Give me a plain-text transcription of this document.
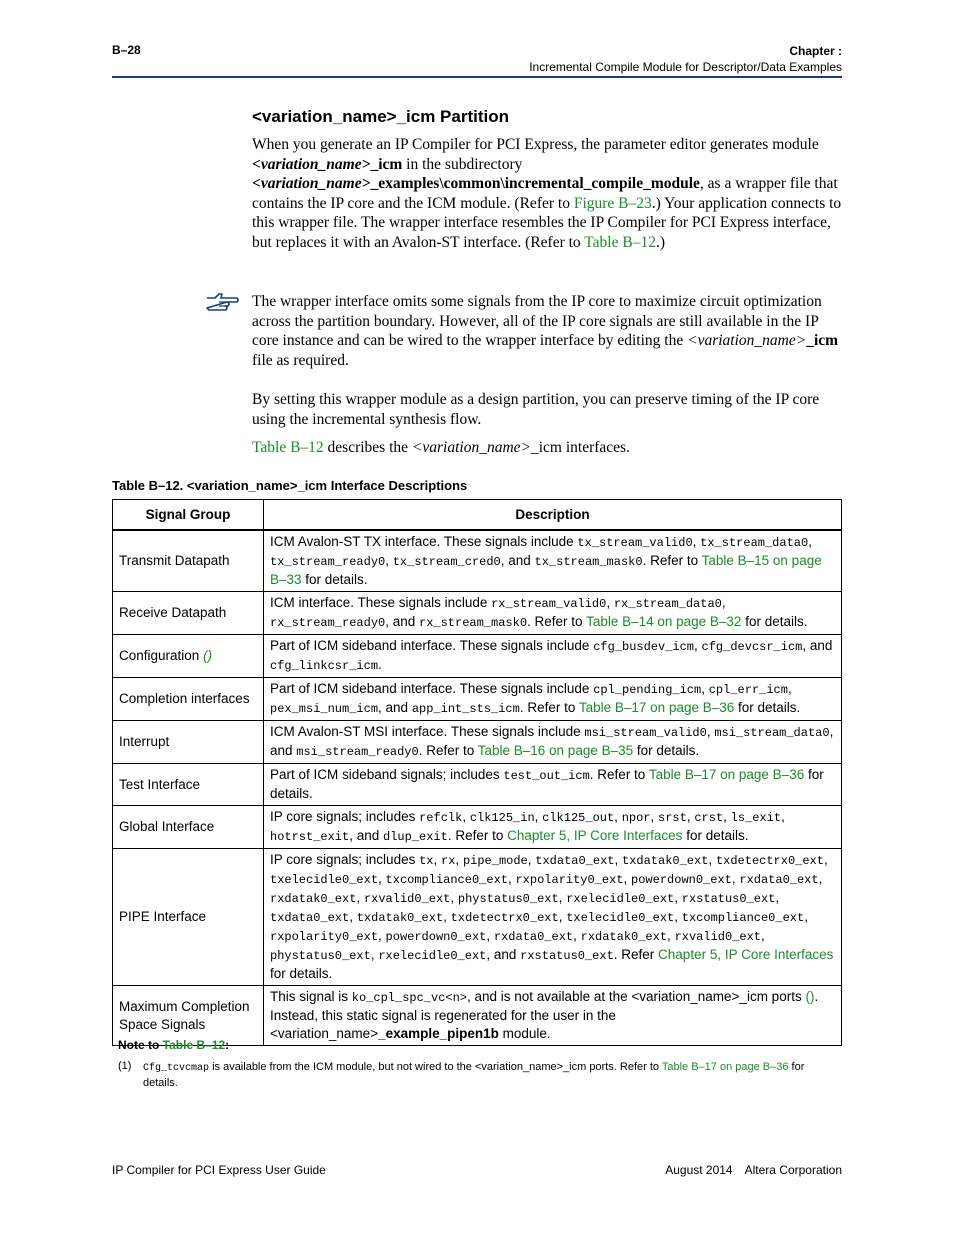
B–28	Chapter :
Incremental Compile Module for Descriptor/Data Examples
<variation_name>_icm Partition
When you generate an IP Compiler for PCI Express, the parameter editor generates module <variation_name>_icm in the subdirectory <variation_name>_examples\common\incremental_compile_module, as a wrapper file that contains the IP core and the ICM module. (Refer to Figure B–23.) Your application connects to this wrapper file. The wrapper interface resembles the IP Compiler for PCI Express interface, but replaces it with an Avalon-ST interface. (Refer to Table B–12.)
The wrapper interface omits some signals from the IP core to maximize circuit optimization across the partition boundary. However, all of the IP core signals are still available in the IP core instance and can be wired to the wrapper interface by editing the <variation_name>_icm file as required.
By setting this wrapper module as a design partition, you can preserve timing of the IP core using the incremental synthesis flow.
Table B–12 describes the <variation_name>_icm interfaces.
Table B–12. <variation_name>_icm Interface Descriptions
Signal Group	Description
Transmit Datapath	ICM Avalon-ST TX interface. These signals include tx_stream_valid0, tx_stream_data0, tx_stream_ready0, tx_stream_cred0, and tx_stream_mask0. Refer to Table B–15 on page B–33 for details.
Receive Datapath	ICM interface. These signals include rx_stream_valid0, rx_stream_data0, rx_stream_ready0, and rx_stream_mask0. Refer to Table B–14 on page B–32 for details.
Configuration ()	Part of ICM sideband interface. These signals include cfg_busdev_icm, cfg_devcsr_icm, and cfg_linkcsr_icm.
Completion interfaces	Part of ICM sideband interface. These signals include cpl_pending_icm, cpl_err_icm, pex_msi_num_icm, and app_int_sts_icm. Refer to Table B–17 on page B–36 for details.
Interrupt	ICM Avalon-ST MSI interface. These signals include msi_stream_valid0, msi_stream_data0, and msi_stream_ready0. Refer to Table B–16 on page B–35 for details.
Test Interface	Part of ICM sideband signals; includes test_out_icm. Refer to Table B–17 on page B–36 for details.
Global Interface	IP core signals; includes refclk, clk125_in, clk125_out, npor, srst, crst, ls_exit, hotrst_exit, and dlup_exit. Refer to Chapter 5, IP Core Interfaces for details.
PIPE Interface	IP core signals; includes tx, rx, pipe_mode, txdata0_ext, txdatak0_ext, txdetectrx0_ext, txelecidle0_ext, txcompliance0_ext, rxpolarity0_ext, powerdown0_ext, rxdata0_ext, rxdatak0_ext, rxvalid0_ext, phystatus0_ext, rxelecidle0_ext, rxstatus0_ext, txdata0_ext, txdatak0_ext, txdetectrx0_ext, txelecidle0_ext, txcompliance0_ext, rxpolarity0_ext, powerdown0_ext, rxdata0_ext, rxdatak0_ext, rxvalid0_ext, phystatus0_ext, rxelecidle0_ext, and rxstatus0_ext. Refer Chapter 5, IP Core Interfaces for details.
Maximum Completion Space Signals	This signal is ko_cpl_spc_vc<n>, and is not available at the <variation_name>_icm ports (). Instead, this static signal is regenerated for the user in the <variation_name>_example_pipen1b module.
Note to Table B–12:
(1) Cfg_tcvcmap is available from the ICM module, but not wired to the <variation_name>_icm ports. Refer to Table B–17 on page B–36 for details.
IP Compiler for PCI Express User Guide	August 2014 Altera Corporation
